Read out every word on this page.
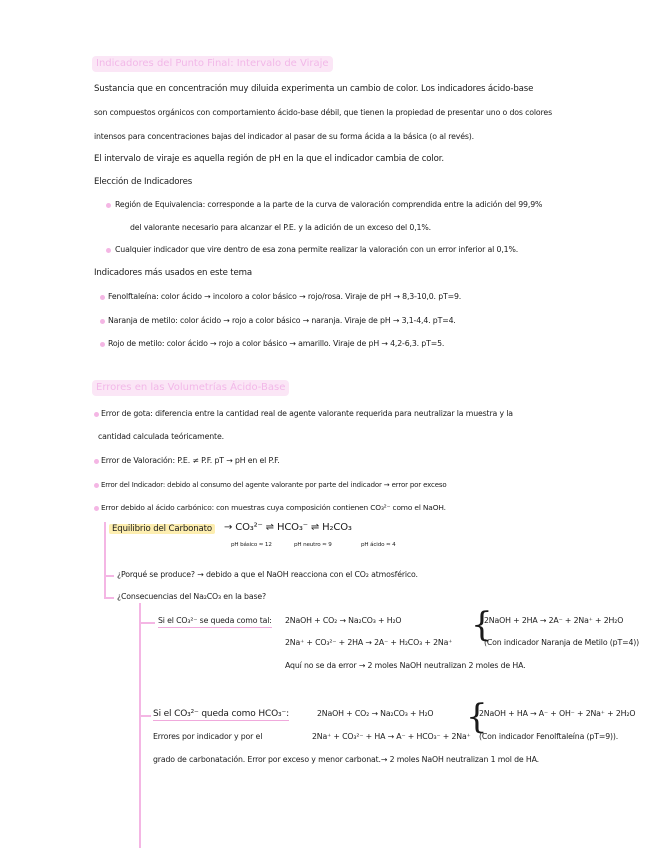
Indicadores del Punto Final: Intervalo de Viraje
Sustancia que en concentración muy diluida experimenta un cambio de color. Los indicadores ácido-base
son compuestos orgánicos con comportamiento ácido-base débil, que tienen la propiedad de presentar uno o dos colores
intensos para concentraciones bajas del indicador al pasar de su forma ácida a la básica (o al revés).
El intervalo de viraje es aquella región de pH en la que el indicador cambia de color.
Elección de Indicadores
Región de Equivalencia: corresponde a la parte de la curva de valoración comprendida entre la adición del 99,9%
del valorante necesario para alcanzar el P.E. y la adición de un exceso del 0,1%.
Cualquier indicador que vire dentro de esa zona permite realizar la valoración con un error inferior al 0,1%.
Indicadores más usados en este tema
Fenolftaleína: color ácido → incoloro a color básico → rojo/rosa. Viraje de pH → 8,3-10,0. pT=9.
Naranja de metilo: color ácido → rojo a color básico → naranja. Viraje de pH → 3,1-4,4. pT=4.
Rojo de metilo: color ácido → rojo a color básico → amarillo. Viraje de pH → 4,2-6,3. pT=5.
Errores en las Volumetrías Ácido-Base
Error de gota: diferencia entre la cantidad real de agente valorante requerida para neutralizar la muestra y la
cantidad calculada teóricamente.
Error de Valoración: P.E. ≠ P.F. pT → pH en el P.F.
Error del Indicador: debido al consumo del agente valorante por parte del indicador → error por exceso
Error debido al ácido carbónico: con muestras cuya composición contienen CO₃²⁻ como el NaOH.
Equilibrio del Carbonato	→ CO₃²⁻ ⇌ HCO₃⁻ ⇌ H₂CO₃
pH básico ≈ 12	pH neutro ≈ 9	pH ácido ≈ 4
¿Porqué se produce? → debido a que el NaOH reacciona con el CO₂ atmosférico.
¿Consecuencias del Na₂CO₃ en la base?
Si el CO₃²⁻ se queda como tal: 2NaOH + CO₂ → Na₂CO₃ + H₂O
2Na⁺ + CO₃²⁻ + 2HA → 2A⁻ + H₂CO₃ + 2Na⁺ {
2NaOH + 2HA → 2A⁻ + 2Na⁺ + 2H₂O
(Con indicador Naranja de Metilo (pT=4))
Aquí no se da error → 2 moles NaOH neutralizan 2 moles de HA.
Si el CO₃²⁻ queda como HCO₃⁻:	2NaOH + CO₂ → Na₂CO₃ + H₂O
2Na⁺ + CO₃²⁻ + HA → A⁻ + HCO₃⁻ + 2Na⁺
{
2NaOH + HA → A⁻ + OH⁻ + 2Na⁺ + 2H₂O
(Con indicador Fenolftaleína (pT=9)).
Errores por indicador y por el
grado de carbonatación. Error por exceso y menor carbonat.→ 2 moles NaOH neutralizan 1 mol de HA.
